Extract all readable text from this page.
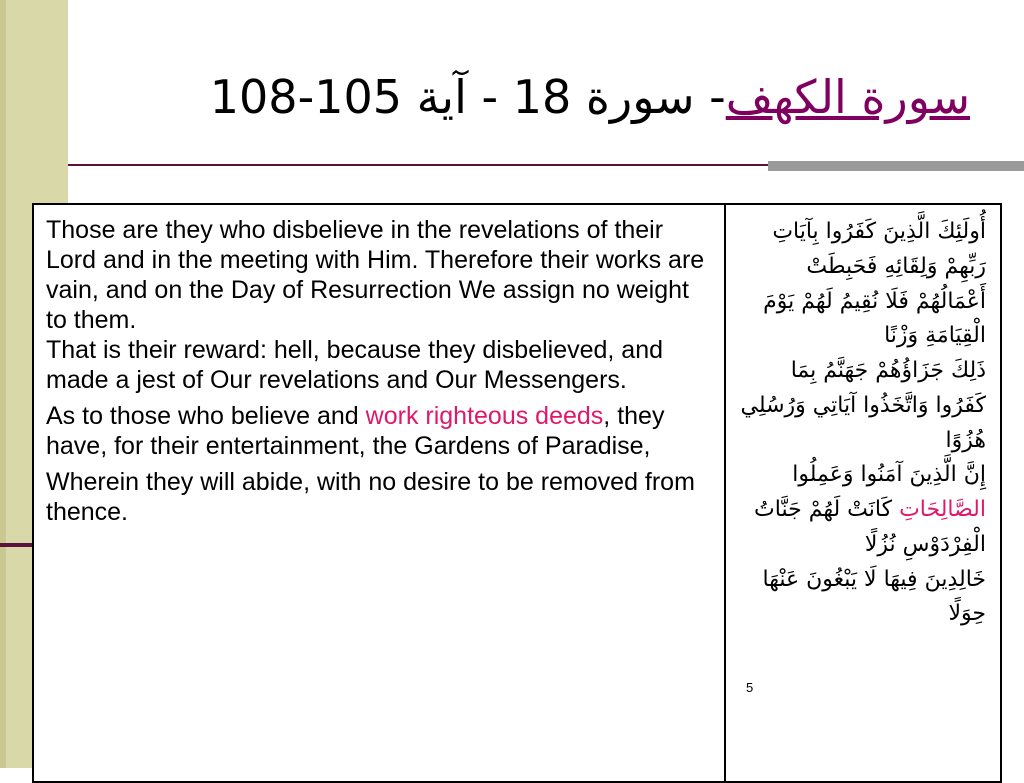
سورة الكهف
- سورة 18 - آية 105-108

Those are they who disbelieve in the revelations of their Lord and in the meeting with Him. Therefore their works are vain, and on the Day of Resurrection We assign no weight to them.
That is their reward: hell, because they disbelieved, and made a jest of Our revelations and Our Messengers.

As to those who believe and work righteous deeds, they have, for their entertainment, the Gardens of Paradise,

Wherein they will abide, with no desire to be removed from thence.

أُولَئِكَ الَّذِينَ كَفَرُوا بِآيَاتِ رَبِّهِمْ وَلِقَائِهِ فَحَبِطَتْ أَعْمَالُهُمْ فَلَا نُقِيمُ لَهُمْ يَوْمَ الْقِيَامَةِ وَزْنًا

ذَلِكَ جَزَاؤُهُمْ جَهَنَّمُ بِمَا كَفَرُوا وَاتَّخَذُوا آيَاتِي وَرُسُلِي هُزُوًا

إِنَّ الَّذِينَ آمَنُوا وَعَمِلُوا الصَّالِحَاتِ كَانَتْ لَهُمْ جَنَّاتُ الْفِرْدَوْسِ نُزُلًا

خَالِدِينَ فِيهَا لَا يَبْغُونَ عَنْهَا حِوَلًا

5
